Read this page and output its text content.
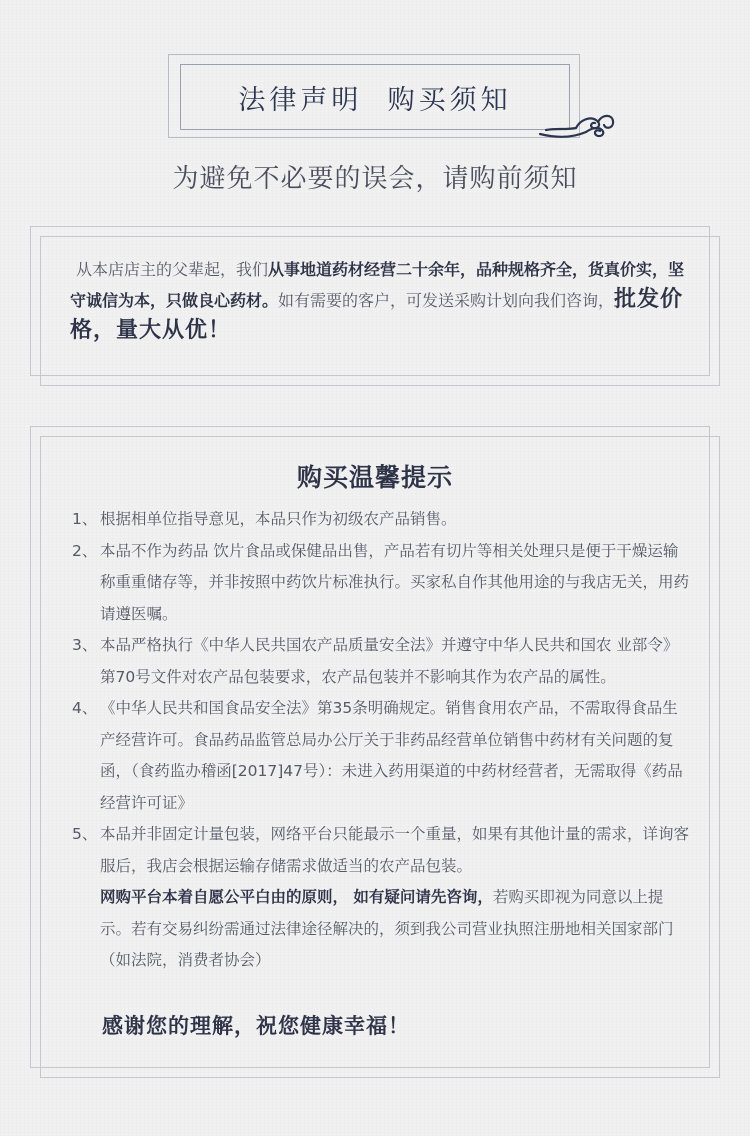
法律声明  购买须知
为避免不必要的误会，请购前须知
从本店店主的父辈起，我们从事地道药材经营二十余年，品种规格齐全，货真价实，坚守诚信为本，只做良心药材。如有需要的客户，可发送采购计划向我们咨询，批发价格，量大从优！
购买温馨提示
1、 根据相单位指导意见，本品只作为初级农产品销售。
2、 本品不作为药品 饮片食品或保健品出售，产品若有切片等相关处理只是便于干燥运输称重重储存等，并非按照中药饮片标准执行。买家私自作其他用途的与我店无关，用药请遵医嘱。
3、 本品严格执行《中华人民共国农产品质量安全法》并遵守中华人民共和国农 业部令》第70号文件对农产品包装要求，农产品包装并不影响其作为农产品的属性。
4、 《中华人民共和国食品安全法》第35条明确规定。销售食用农产品，不需取得食品生产经营许可。食品药品监管总局办公厅关于非药品经营单位销售中药材有关问题的复函，（食药监办稽函[2017]47号）：未进入药用渠道的中药材经营者，无需取得《药品经营许可证》
5、 本品并非固定计量包装，网络平台只能最示一个重量，如果有其他计量的需求，详询客服后，我店会根据运输存储需求做适当的农产品包装。
网购平台本着自愿公平白由的原则， 如有疑问请先咨询，若购买即视为同意以上提示。若有交易纠纷需通过法律途径解决的，须到我公司营业执照注册地相关国家部门（如法院，消费者协会）
感谢您的理解，祝您健康幸福！
